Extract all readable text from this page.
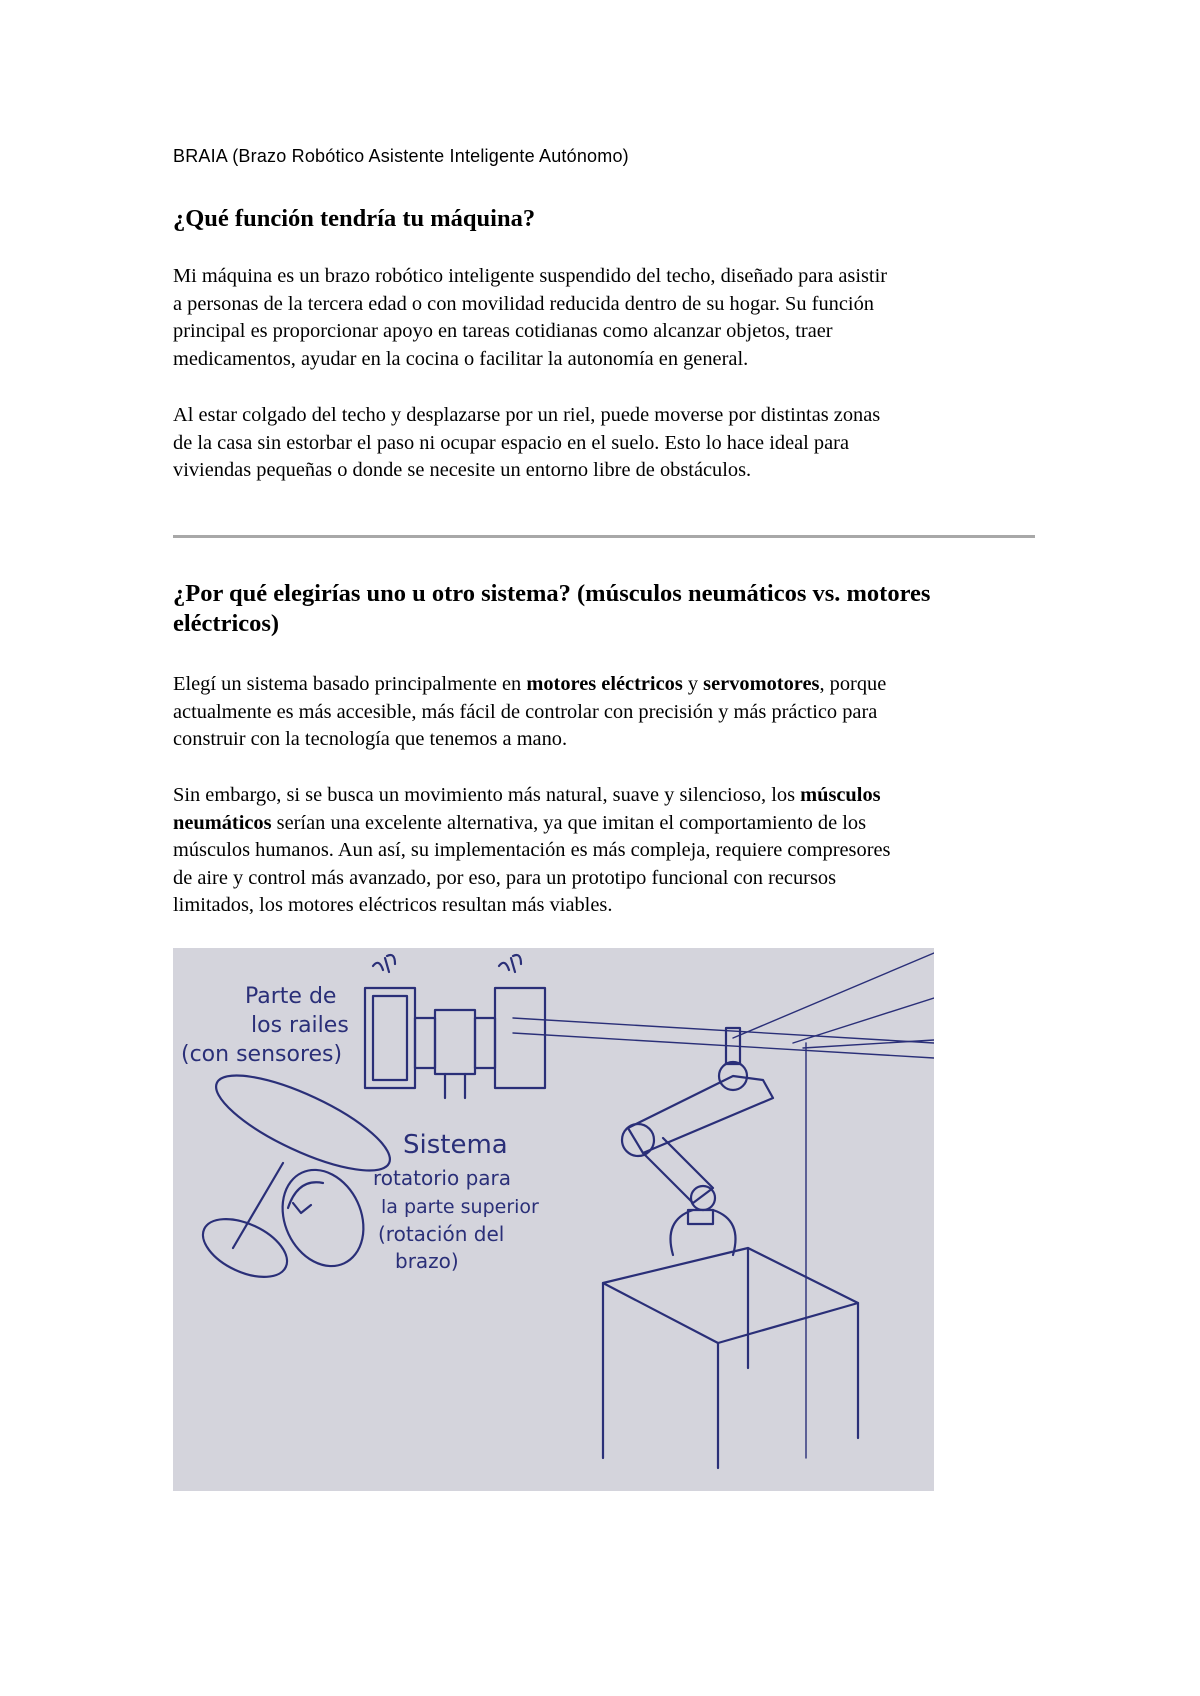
BRAIA (Brazo Robótico Asistente Inteligente Autónomo)
¿Qué función tendría tu máquina?

Mi máquina es un brazo robótico inteligente suspendido del techo, diseñado para asistir
a personas de la tercera edad o con movilidad reducida dentro de su hogar. Su función
principal es proporcionar apoyo en tareas cotidianas como alcanzar objetos, traer
medicamentos, ayudar en la cocina o facilitar la autonomía en general.

Al estar colgado del techo y desplazarse por un riel, puede moverse por distintas zonas
de la casa sin estorbar el paso ni ocupar espacio en el suelo. Esto lo hace ideal para
viviendas pequeñas o donde se necesite un entorno libre de obstáculos.

¿Por qué elegirías uno u otro sistema? (músculos neumáticos vs. motores
eléctricos)

Elegí un sistema basado principalmente en motores eléctricos y servomotores, porque
actualmente es más accesible, más fácil de controlar con precisión y más práctico para
construir con la tecnología que tenemos a mano.

Sin embargo, si se busca un movimiento más natural, suave y silencioso, los músculos
neumáticos serían una excelente alternativa, ya que imitan el comportamiento de los
músculos humanos. Aun así, su implementación es más compleja, requiere compresores
de aire y control más avanzado, por eso, para un prototipo funcional con recursos
limitados, los motores eléctricos resultan más viables.

Parte de
los railes
(con sensores)
Sistema
rotatorio para
la parte superior
(rotación del
brazo)
